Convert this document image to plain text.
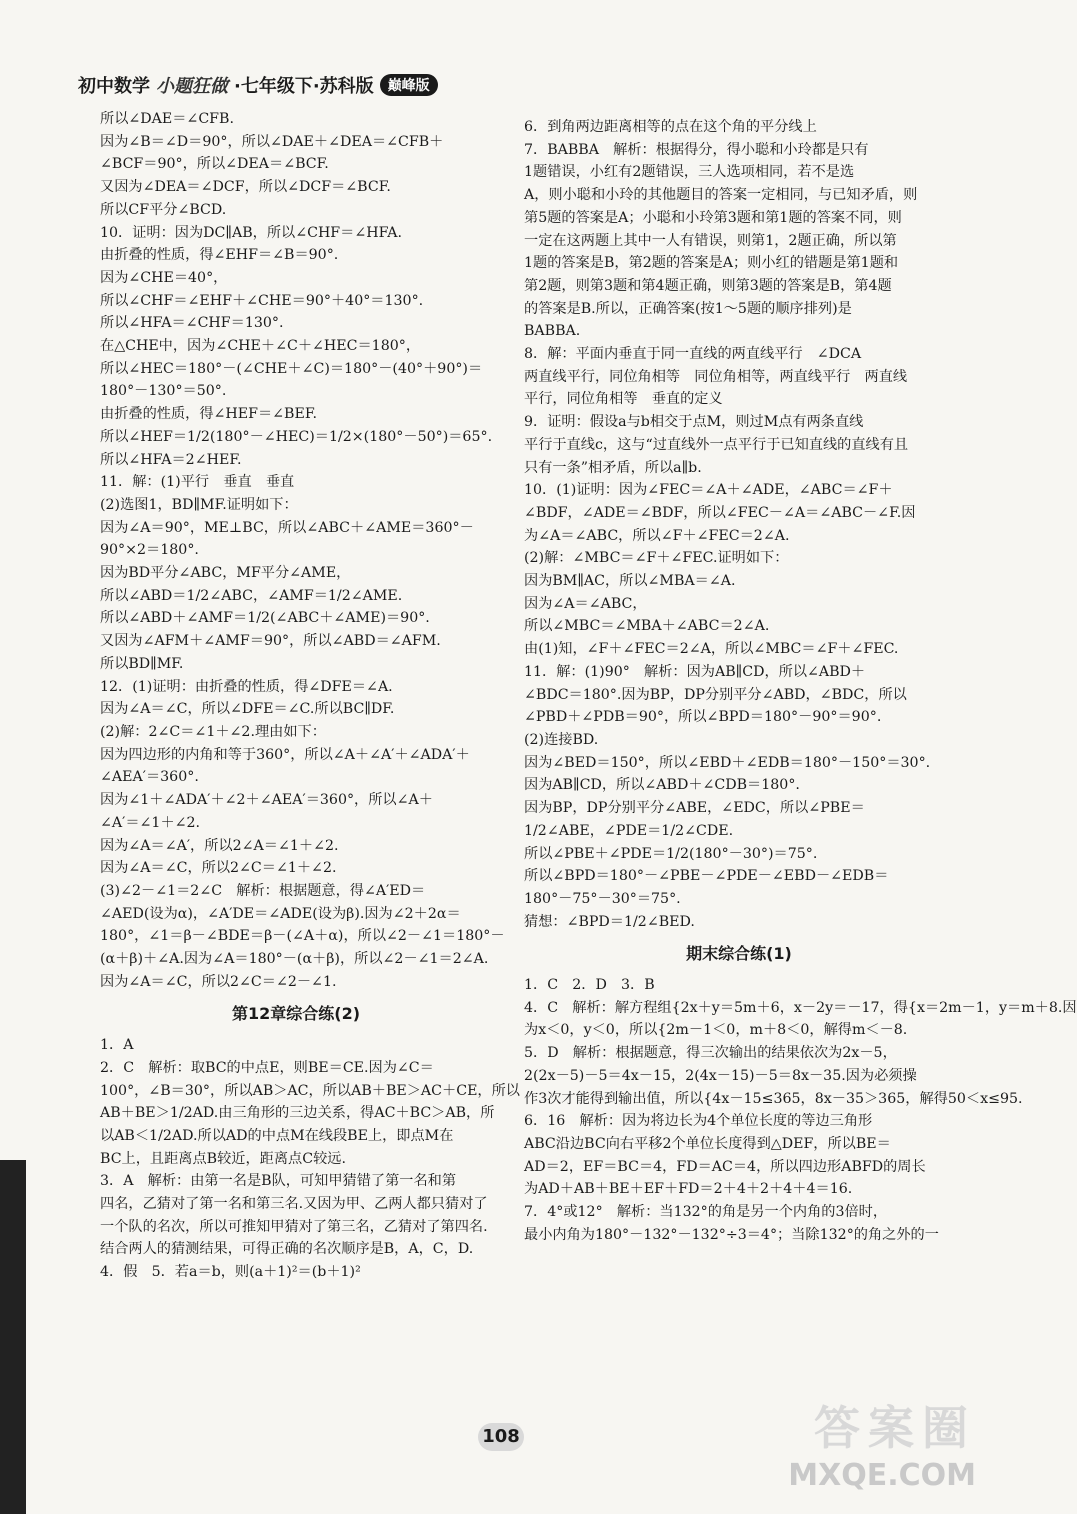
初中数学 小题狂做 ·七年级下·苏科版	巅峰版
所以∠DAE＝∠CFB.
因为∠B＝∠D＝90°，所以∠DAE＋∠DEA＝∠CFB＋
∠BCF＝90°，所以∠DEA＝∠BCF.
又因为∠DEA＝∠DCF，所以∠DCF＝∠BCF.
所以CF平分∠BCD.
10．证明：因为DC∥AB，所以∠CHF＝∠HFA.
由折叠的性质，得∠EHF＝∠B＝90°.
因为∠CHE＝40°，
所以∠CHF＝∠EHF＋∠CHE＝90°＋40°＝130°.
所以∠HFA＝∠CHF＝130°.
在△CHE中，因为∠CHE＋∠C＋∠HEC＝180°，
所以∠HEC＝180°－(∠CHE＋∠C)＝180°－(40°＋90°)＝
180°－130°＝50°.
由折叠的性质，得∠HEF＝∠BEF.
所以∠HEF＝1/2(180°－∠HEC)＝1/2×(180°－50°)＝65°.
所以∠HFA＝2∠HEF.
11．解：(1)平行　垂直　垂直
(2)选图1，BD∥MF.证明如下：
因为∠A＝90°，ME⊥BC，所以∠ABC＋∠AME＝360°－
90°×2＝180°.
因为BD平分∠ABC，MF平分∠AME，
所以∠ABD＝1/2∠ABC，∠AMF＝1/2∠AME.
所以∠ABD＋∠AMF＝1/2(∠ABC＋∠AME)＝90°.
又因为∠AFM＋∠AMF＝90°，所以∠ABD＝∠AFM.
所以BD∥MF.
12．(1)证明：由折叠的性质，得∠DFE＝∠A.
因为∠A＝∠C，所以∠DFE＝∠C.所以BC∥DF.
(2)解：2∠C＝∠1＋∠2.理由如下：
因为四边形的内角和等于360°，所以∠A＋∠A′＋∠ADA′＋
∠AEA′＝360°.
因为∠1＋∠ADA′＋∠2＋∠AEA′＝360°，所以∠A＋
∠A′＝∠1＋∠2.
因为∠A＝∠A′，所以2∠A＝∠1＋∠2.
因为∠A＝∠C，所以2∠C＝∠1＋∠2.
(3)∠2－∠1＝2∠C　解析：根据题意，得∠A′ED＝
∠AED(设为α)，∠A′DE＝∠ADE(设为β).因为∠2＋2α＝
180°，∠1＝β－∠BDE＝β－(∠A＋α)，所以∠2－∠1＝180°－
(α＋β)＋∠A.因为∠A＝180°－(α＋β)，所以∠2－∠1＝2∠A.
因为∠A＝∠C，所以2∠C＝∠2－∠1.
第12章综合练(2)
1．A
2．C　解析：取BC的中点E，则BE＝CE.因为∠C＝
100°，∠B＝30°，所以AB＞AC，所以AB＋BE＞AC＋CE，所以
AB＋BE＞1/2AD.由三角形的三边关系，得AC＋BC＞AB，所
以AB＜1/2AD.所以AD的中点M在线段BE上，即点M在
BC上，且距离点B较近，距离点C较远.
3．A　解析：由第一名是B队，可知甲猜错了第一名和第
四名，乙猜对了第一名和第三名.又因为甲、乙两人都只猜对了
一个队的名次，所以可推知甲猜对了第三名，乙猜对了第四名.
结合两人的猜测结果，可得正确的名次顺序是B，A，C，D.
4．假　5．若a＝b，则(a＋1)²＝(b＋1)²
6．到角两边距离相等的点在这个角的平分线上
7．BABBA　解析：根据得分，得小聪和小玲都是只有
1题错误，小红有2题错误，三人选项相同，若不是选
A，则小聪和小玲的其他题目的答案一定相同，与已知矛盾，则
第5题的答案是A；小聪和小玲第3题和第1题的答案不同，则
一定在这两题上其中一人有错误，则第1，2题正确，所以第
1题的答案是B，第2题的答案是A；则小红的错题是第1题和
第2题，则第3题和第4题正确，则第3题的答案是B，第4题
的答案是B.所以，正确答案(按1～5题的顺序排列)是
BABBA.
8．解：平面内垂直于同一直线的两直线平行　∠DCA
两直线平行，同位角相等　同位角相等，两直线平行　两直线
平行，同位角相等　垂直的定义
9．证明：假设a与b相交于点M，则过M点有两条直线
平行于直线c，这与“过直线外一点平行于已知直线的直线有且
只有一条”相矛盾，所以a∥b.
10．(1)证明：因为∠FEC＝∠A＋∠ADE，∠ABC＝∠F＋
∠BDF，∠ADE＝∠BDF，所以∠FEC－∠A＝∠ABC－∠F.因
为∠A＝∠ABC，所以∠F＋∠FEC＝2∠A.
(2)解：∠MBC＝∠F＋∠FEC.证明如下：
因为BM∥AC，所以∠MBA＝∠A.
因为∠A＝∠ABC，
所以∠MBC＝∠MBA＋∠ABC＝2∠A.
由(1)知，∠F＋∠FEC＝2∠A，所以∠MBC＝∠F＋∠FEC.
11．解：(1)90°　解析：因为AB∥CD，所以∠ABD＋
∠BDC＝180°.因为BP，DP分别平分∠ABD，∠BDC，所以
∠PBD＋∠PDB＝90°，所以∠BPD＝180°－90°＝90°.
(2)连接BD.
因为∠BED＝150°，所以∠EBD＋∠EDB＝180°－150°＝30°.
因为AB∥CD，所以∠ABD＋∠CDB＝180°.
因为BP，DP分别平分∠ABE，∠EDC，所以∠PBE＝
1/2∠ABE，∠PDE＝1/2∠CDE.
所以∠PBE＋∠PDE＝1/2(180°－30°)＝75°.
所以∠BPD＝180°－∠PBE－∠PDE－∠EBD－∠EDB＝
180°－75°－30°＝75°.
猜想：∠BPD＝1/2∠BED.
期末综合练(1)
1．C　2．D　3．B
4．C　解析：解方程组{2x＋y＝5m＋6，x－2y＝－17，得{x＝2m－1，y＝m＋8.因
为x＜0，y＜0，所以{2m－1＜0，m＋8＜0，解得m＜－8.
5．D　解析：根据题意，得三次输出的结果依次为2x－5，
2(2x－5)－5＝4x－15，2(4x－15)－5＝8x－35.因为必须操
作3次才能得到输出值，所以{4x－15≤365，8x－35＞365，解得50＜x≤95.
6．16　解析：因为将边长为4个单位长度的等边三角形
ABC沿边BC向右平移2个单位长度得到△DEF，所以BE＝
AD＝2，EF＝BC＝4，FD＝AC＝4，所以四边形ABFD的周长
为AD＋AB＋BE＋EF＋FD＝2＋4＋2＋4＋4＝16.
7．4°或12°　解析：当132°的角是另一个内角的3倍时，
最小内角为180°－132°－132°÷3＝4°；当除132°的角之外的一
108	答案圈
MXQE.COM
